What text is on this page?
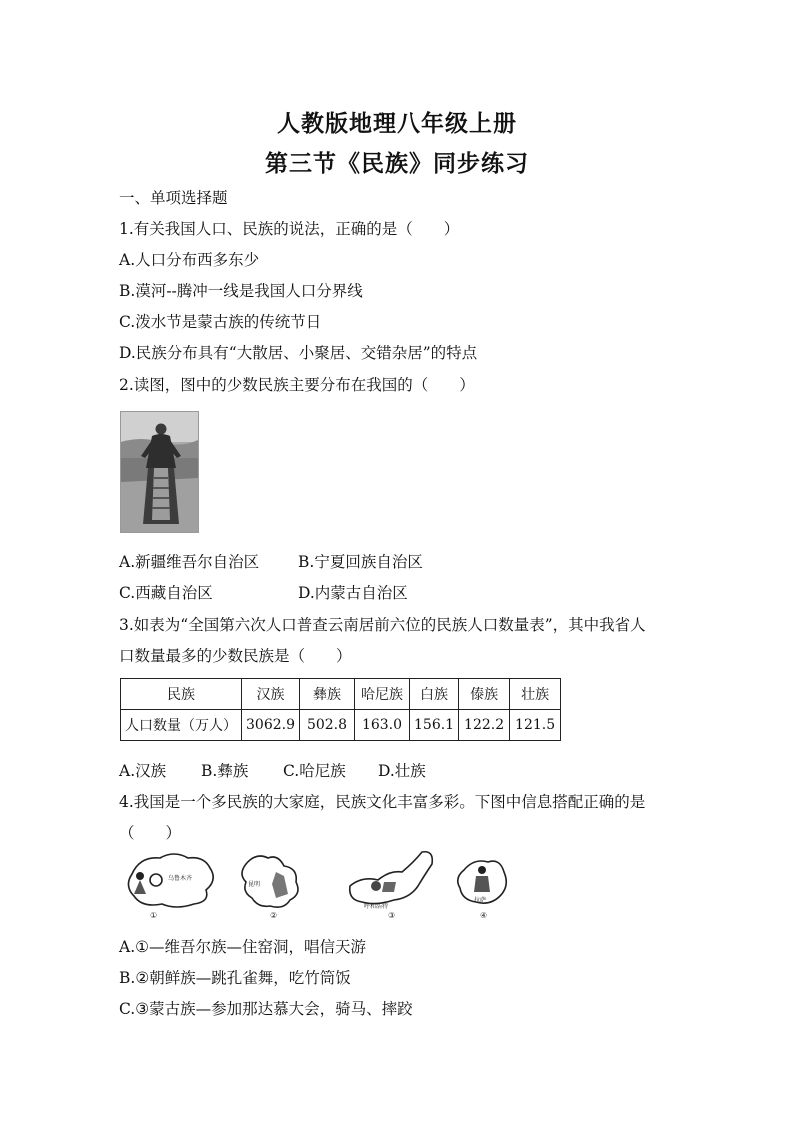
人教版地理八年级上册
第三节《民族》同步练习
一、单项选择题
1.有关我国人口、民族的说法，正确的是（　　）
A.人口分布西多东少
B.漠河--腾冲一线是我国人口分界线
C.泼水节是蒙古族的传统节日
D.民族分布具有“大散居、小聚居、交错杂居”的特点
2.读图，图中的少数民族主要分布在我国的（　　）
A.新疆维吾尔自治区	B.宁夏回族自治区
C.西藏自治区	D.内蒙古自治区
3.如表为“全国第六次人口普查云南居前六位的民族人口数量表”，其中我省人
口数量最多的少数民族是（　　）
民族	汉族	彝族	哈尼族	白族	傣族	壮族
人口数量（万人）	3062.9	502.8	163.0	156.1	122.2	121.5
A.汉族 B.彝族 C.哈尼族 D.壮族
4.我国是一个多民族的大家庭，民族文化丰富多彩。下图中信息搭配正确的是
（　　）
乌鲁木齐
①
昆明
②
呼和浩特
③
拉萨
④
A.①—维吾尔族—住窑洞，唱信天游
B.②朝鲜族—跳孔雀舞，吃竹筒饭
C.③蒙古族—参加那达慕大会，骑马、摔跤
